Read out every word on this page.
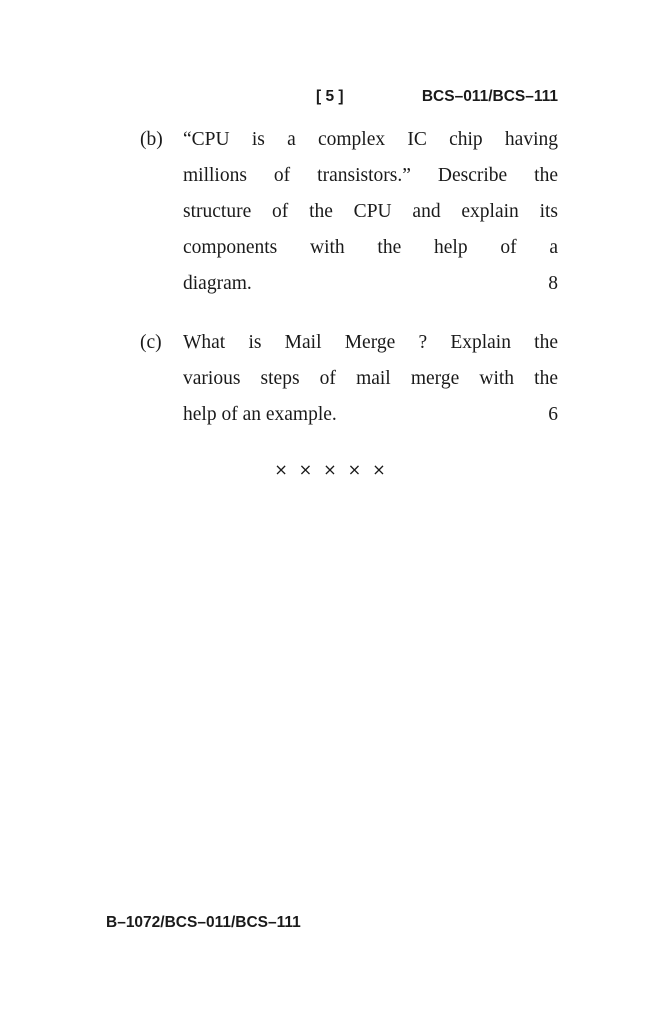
[ 5 ]	BCS–011/BCS–111
(b) “CPU is a complex IC chip having
millions of transistors.” Describe the
structure of the CPU and explain its
components with the help of a
diagram.	8
(c) What is Mail Merge ? Explain the
various steps of mail merge with the
help of an example.	6
× × × × ×
B–1072/BCS–011/BCS–111
